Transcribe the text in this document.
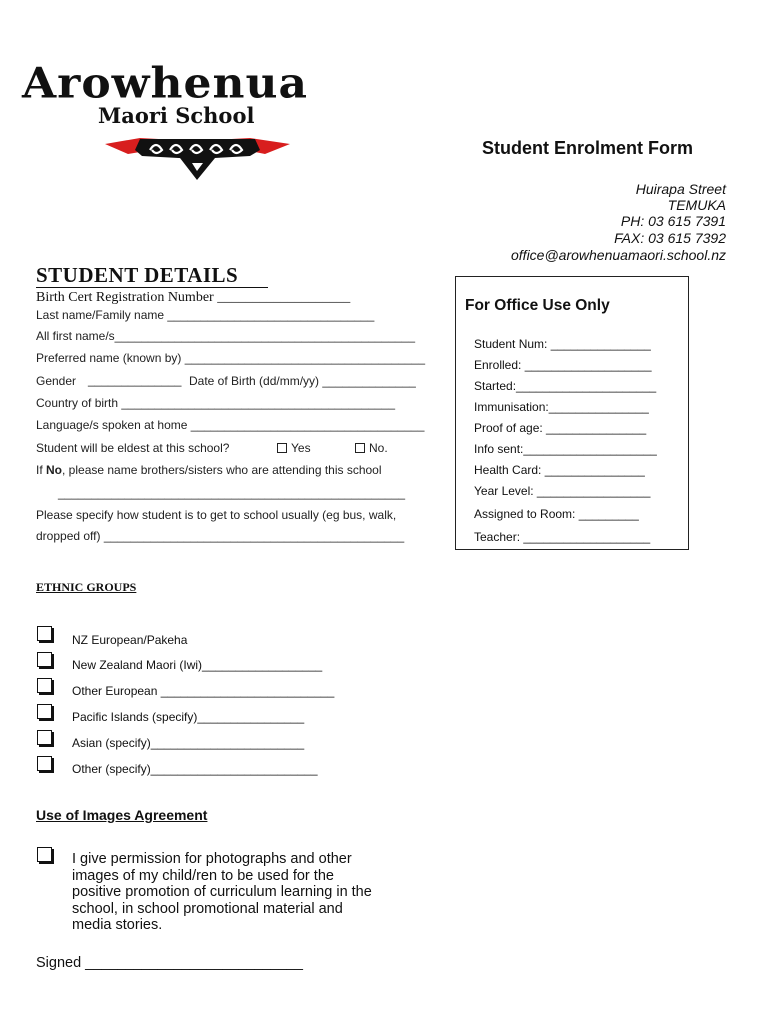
Arowhenua
Maori School
Student Enrolment Form
Huirapa Street
TEMUKA
PH: 03 615 7391
FAX: 03 615 7392
office@arowhenuamaori.school.nz
STUDENT DETAILS
Birth Cert Registration Number ___________________
Last name/Family name _______________________________
All first name/s_____________________________________________
Preferred name (known by) ____________________________________
Gender ______________ Date of Birth (dd/mm/yy) ______________
Country of birth _________________________________________
Language/s spoken at home ___________________________________
Student will be eldest at this school?	Yes	No.
If No, please name brothers/sisters who are attending this school
____________________________________________________
Please specify how student is to get to school usually (eg bus, walk,
dropped off) _____________________________________________
For Office Use Only
Student Num: _______________
Enrolled: ___________________
Started:_____________________
Immunisation:_______________
Proof of age: _______________
Info sent:____________________
Health Card: _______________
Year Level: _________________
Assigned to Room: _________
Teacher: ___________________
ETHNIC GROUPS
NZ European/Pakeha
New Zealand Maori (Iwi)__________________
Other European __________________________
Pacific Islands (specify)________________
Asian (specify)_______________________
Other (specify)_________________________
Use of Images Agreement
I give permission for photographs and other images of my child/ren to be used for the positive promotion of curriculum learning in the school, in school promotional material and media stories.
Signed ___________________________
